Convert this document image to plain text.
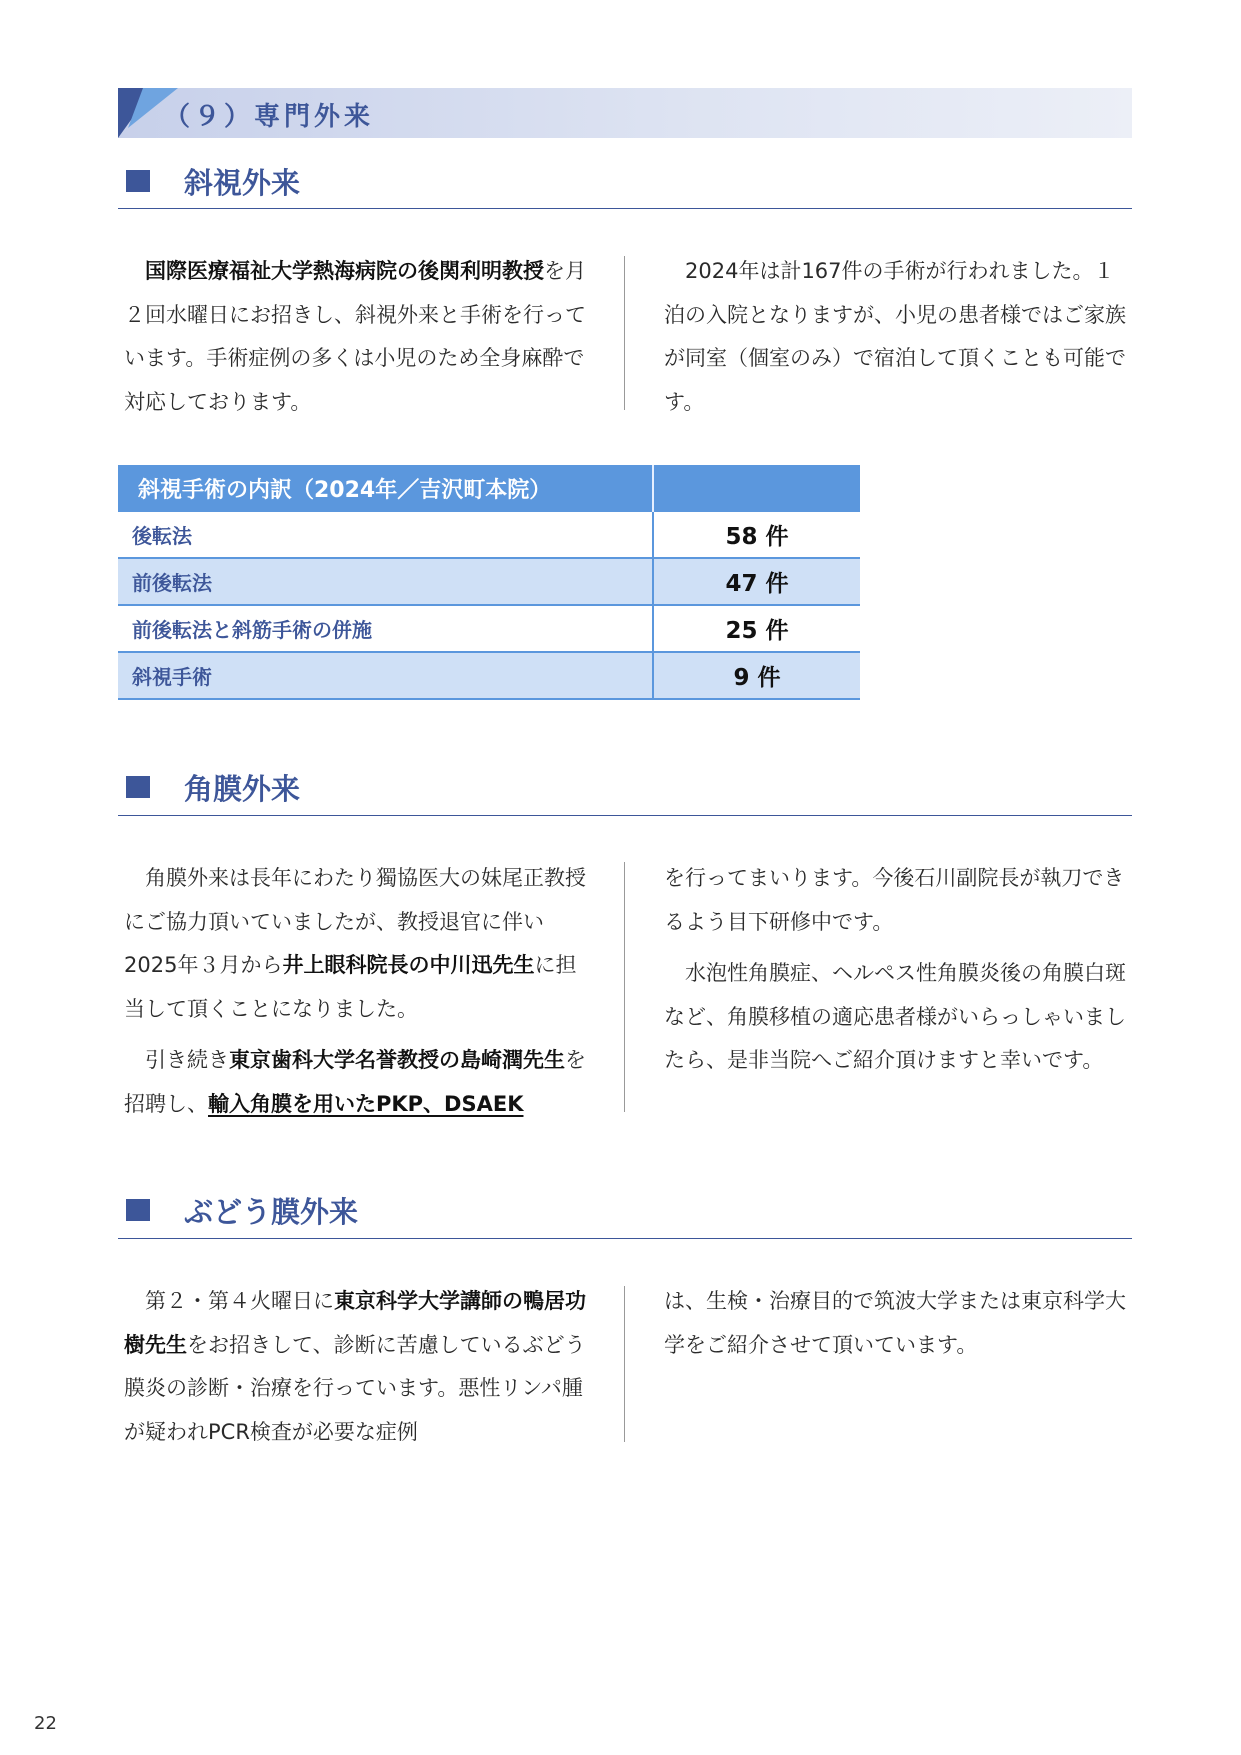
（９）専門外来
斜視外来

国際医療福祉大学熱海病院の後関利明教授を月２回水曜日にお招きし、斜視外来と手術を行っています。手術症例の多くは小児のため全身麻酔で対応しております。

2024年は計167件の手術が行われました。１泊の入院となりますが、小児の患者様ではご家族が同室（個室のみ）で宿泊して頂くことも可能です。

斜視手術の内訳（2024年／吉沢町本院）	
後転法	58 件
前後転法	47 件
前後転法と斜筋手術の併施	25 件
斜視手術	9 件
角膜外来

角膜外来は長年にわたり獨協医大の妹尾正教授にご協力頂いていましたが、教授退官に伴い2025年３月から井上眼科院長の中川迅先生に担当して頂くことになりました。

引き続き東京歯科大学名誉教授の島崎潤先生を招聘し、輸入角膜を用いたPKP、DSAEK

を行ってまいります。今後石川副院長が執刀できるよう目下研修中です。

水泡性角膜症、ヘルペス性角膜炎後の角膜白斑など、角膜移植の適応患者様がいらっしゃいましたら、是非当院へご紹介頂けますと幸いです。

ぶどう膜外来

第２・第４火曜日に東京科学大学講師の鴨居功樹先生をお招きして、診断に苦慮しているぶどう膜炎の診断・治療を行っています。悪性リンパ腫が疑われPCR検査が必要な症例

は、生検・治療目的で筑波大学または東京科学大学をご紹介させて頂いています。

22
